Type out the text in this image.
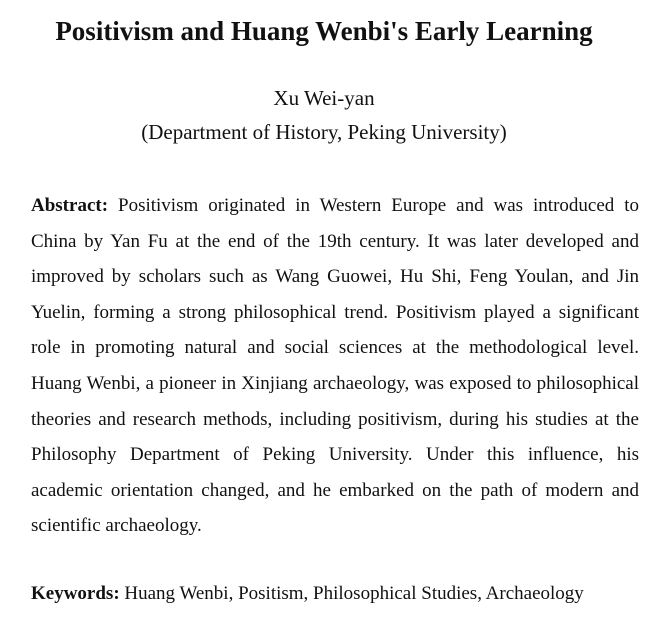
Positivism and Huang Wenbi's Early Learning

Xu Wei-yan

(Department of History, Peking University)

Abstract: Positivism originated in Western Europe and was introduced to China by Yan Fu at the end of the 19th century. It was later developed and improved by scholars such as Wang Guowei, Hu Shi, Feng Youlan, and Jin Yuelin, forming a strong philosophical trend. Positivism played a significant role in promoting natural and social sciences at the methodological level. Huang Wenbi, a pioneer in Xinjiang archaeology, was exposed to philosophical theories and research methods, including positivism, during his studies at the Philosophy Department of Peking University. Under this influence, his academic orientation changed, and he embarked on the path of modern and scientific archaeology.

Keywords: Huang Wenbi, Positism, Philosophical Studies, Archaeology
